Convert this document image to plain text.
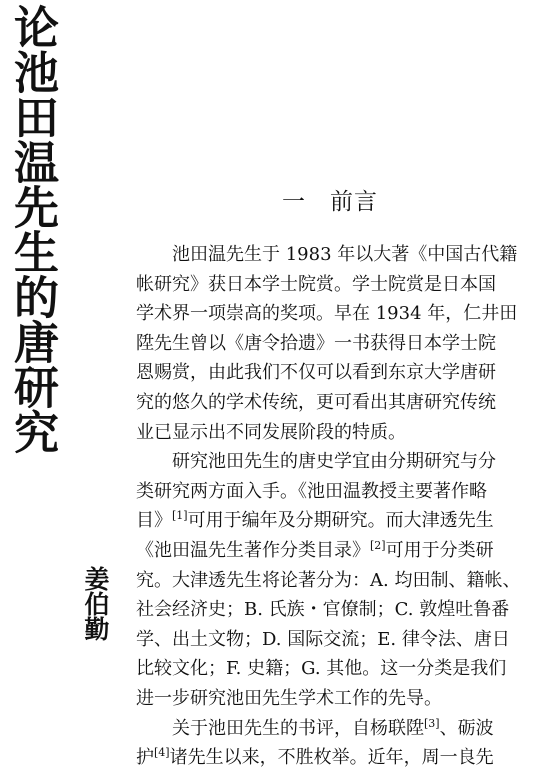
论池田温先生的唐研究	一　前言
姜伯勤
池田温先生于 1983 年以大著《中国古代籍
帐研究》获日本学士院赏。学士院赏是日本国
学术界一项崇高的奖项。早在 1934 年，仁井田
陞先生曾以《唐令拾遗》一书获得日本学士院
恩赐赏，由此我们不仅可以看到东京大学唐研
究的悠久的学术传统，更可看出其唐研究传统
业已显示出不同发展阶段的特质。
研究池田先生的唐史学宜由分期研究与分
类研究两方面入手。《池田温教授主要著作略
目》[1]可用于编年及分期研究。而大津透先生
《池田温先生著作分类目录》[2]可用于分类研
究。大津透先生将论著分为：A. 均田制、籍帐、
社会经济史；B. 氏族・官僚制；C. 敦煌吐鲁番
学、出土文物；D. 国际交流；E. 律令法、唐日
比较文化；F. 史籍；G. 其他。这一分类是我们
进一步研究池田先生学术工作的先导。
关于池田先生的书评，自杨联陞[3]、砺波
护[4]诸先生以来，不胜枚举。近年，周一良先
